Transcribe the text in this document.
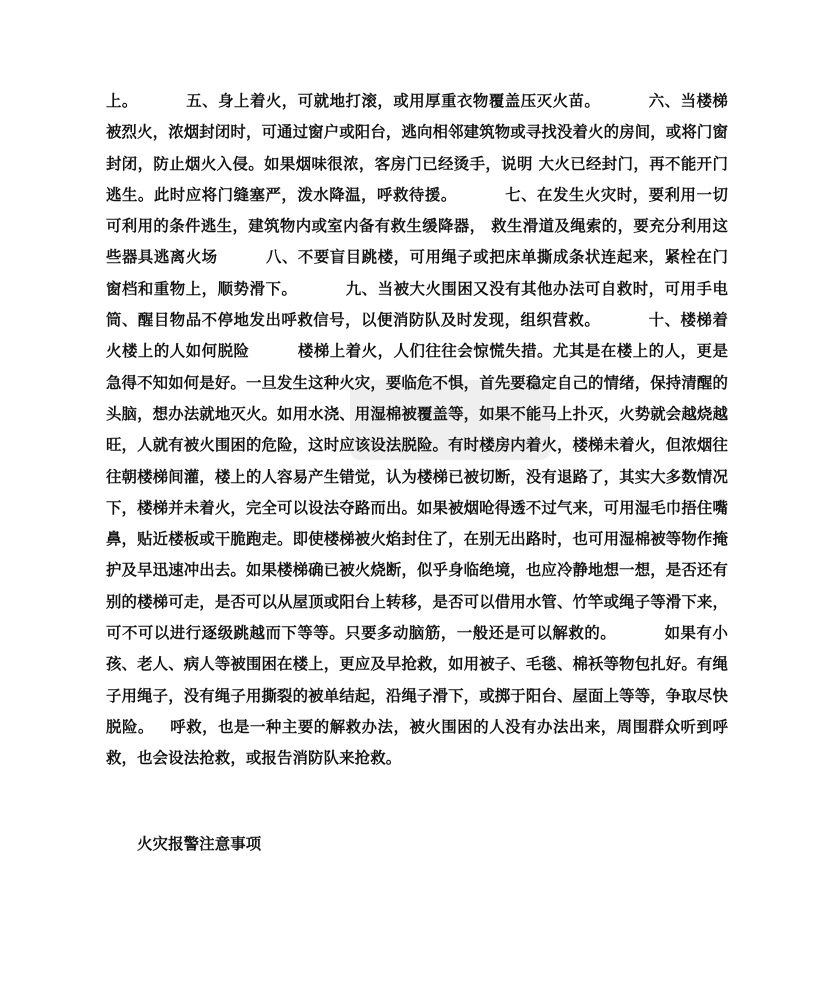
上。	五、身上着火，可就地打滚，或用厚重衣物覆盖压灭火苗。	六、当楼梯被烈火，浓烟封闭时，可通过窗户或阳台，逃向相邻建筑物或寻找没着火的房间，或将门窗封闭，防止烟火入侵。如果烟味很浓，客房门已经烫手，说明 大火已经封门，再不能开门逃生。此时应将门缝塞严，泼水降温，呼救待援。	七、在发生火灾时，要利用一切可利用的条件逃生，建筑物内或室内备有救生缓降器， 救生滑道及绳索的，要充分利用这些器具逃离火场	八、不要盲目跳楼，可用绳子或把床单撕成条状连起来，紧栓在门窗档和重物上，顺势滑下。	九、当被大火围困又没有其他办法可自救时，可用手电筒、醒目物品不停地发出呼救信号，以便消防队及时发现，组织营救。	十、楼梯着火楼上的人如何脱险	楼梯上着火，人们往往会惊慌失措。尤其是在楼上的人，更是急得不知如何是好。一旦发生这种火灾，要临危不惧，首先要稳定自己的情绪，保持清醒的头脑，想办法就地灭火。如用水浇、用湿棉被覆盖等，如果不能马上扑灭，火势就会越烧越旺，人就有被火围困的危险，这时应该设法脱险。有时楼房内着火，楼梯未着火，但浓烟往往朝楼梯间灌，楼上的人容易产生错觉，认为楼梯已被切断，没有退路了，其实大多数情况下，楼梯并未着火，完全可以设法夺路而出。如果被烟呛得透不过气来，可用湿毛巾捂住嘴鼻，贴近楼板或干脆跑走。即使楼梯被火焰封住了，在别无出路时，也可用湿棉被等物作掩护及早迅速冲出去。如果楼梯确已被火烧断，似乎身临绝境，也应冷静地想一想，是否还有别的楼梯可走，是否可以从屋顶或阳台上转移，是否可以借用水管、竹竿或绳子等滑下来，可不可以进行逐级跳越而下等等。只要多动脑筋，一般还是可以解救的。	如果有小孩、老人、病人等被围困在楼上，更应及早抢救，如用被子、毛毯、棉袄等物包扎好。有绳子用绳子，没有绳子用撕裂的被单结起，沿绳子滑下，或掷于阳台、屋面上等等，争取尽快脱险。 呼救，也是一种主要的解救办法，被火围困的人没有办法出来，周围群众听到呼救，也会设法抢救，或报告消防队来抢救。

火灾报警注意事项
